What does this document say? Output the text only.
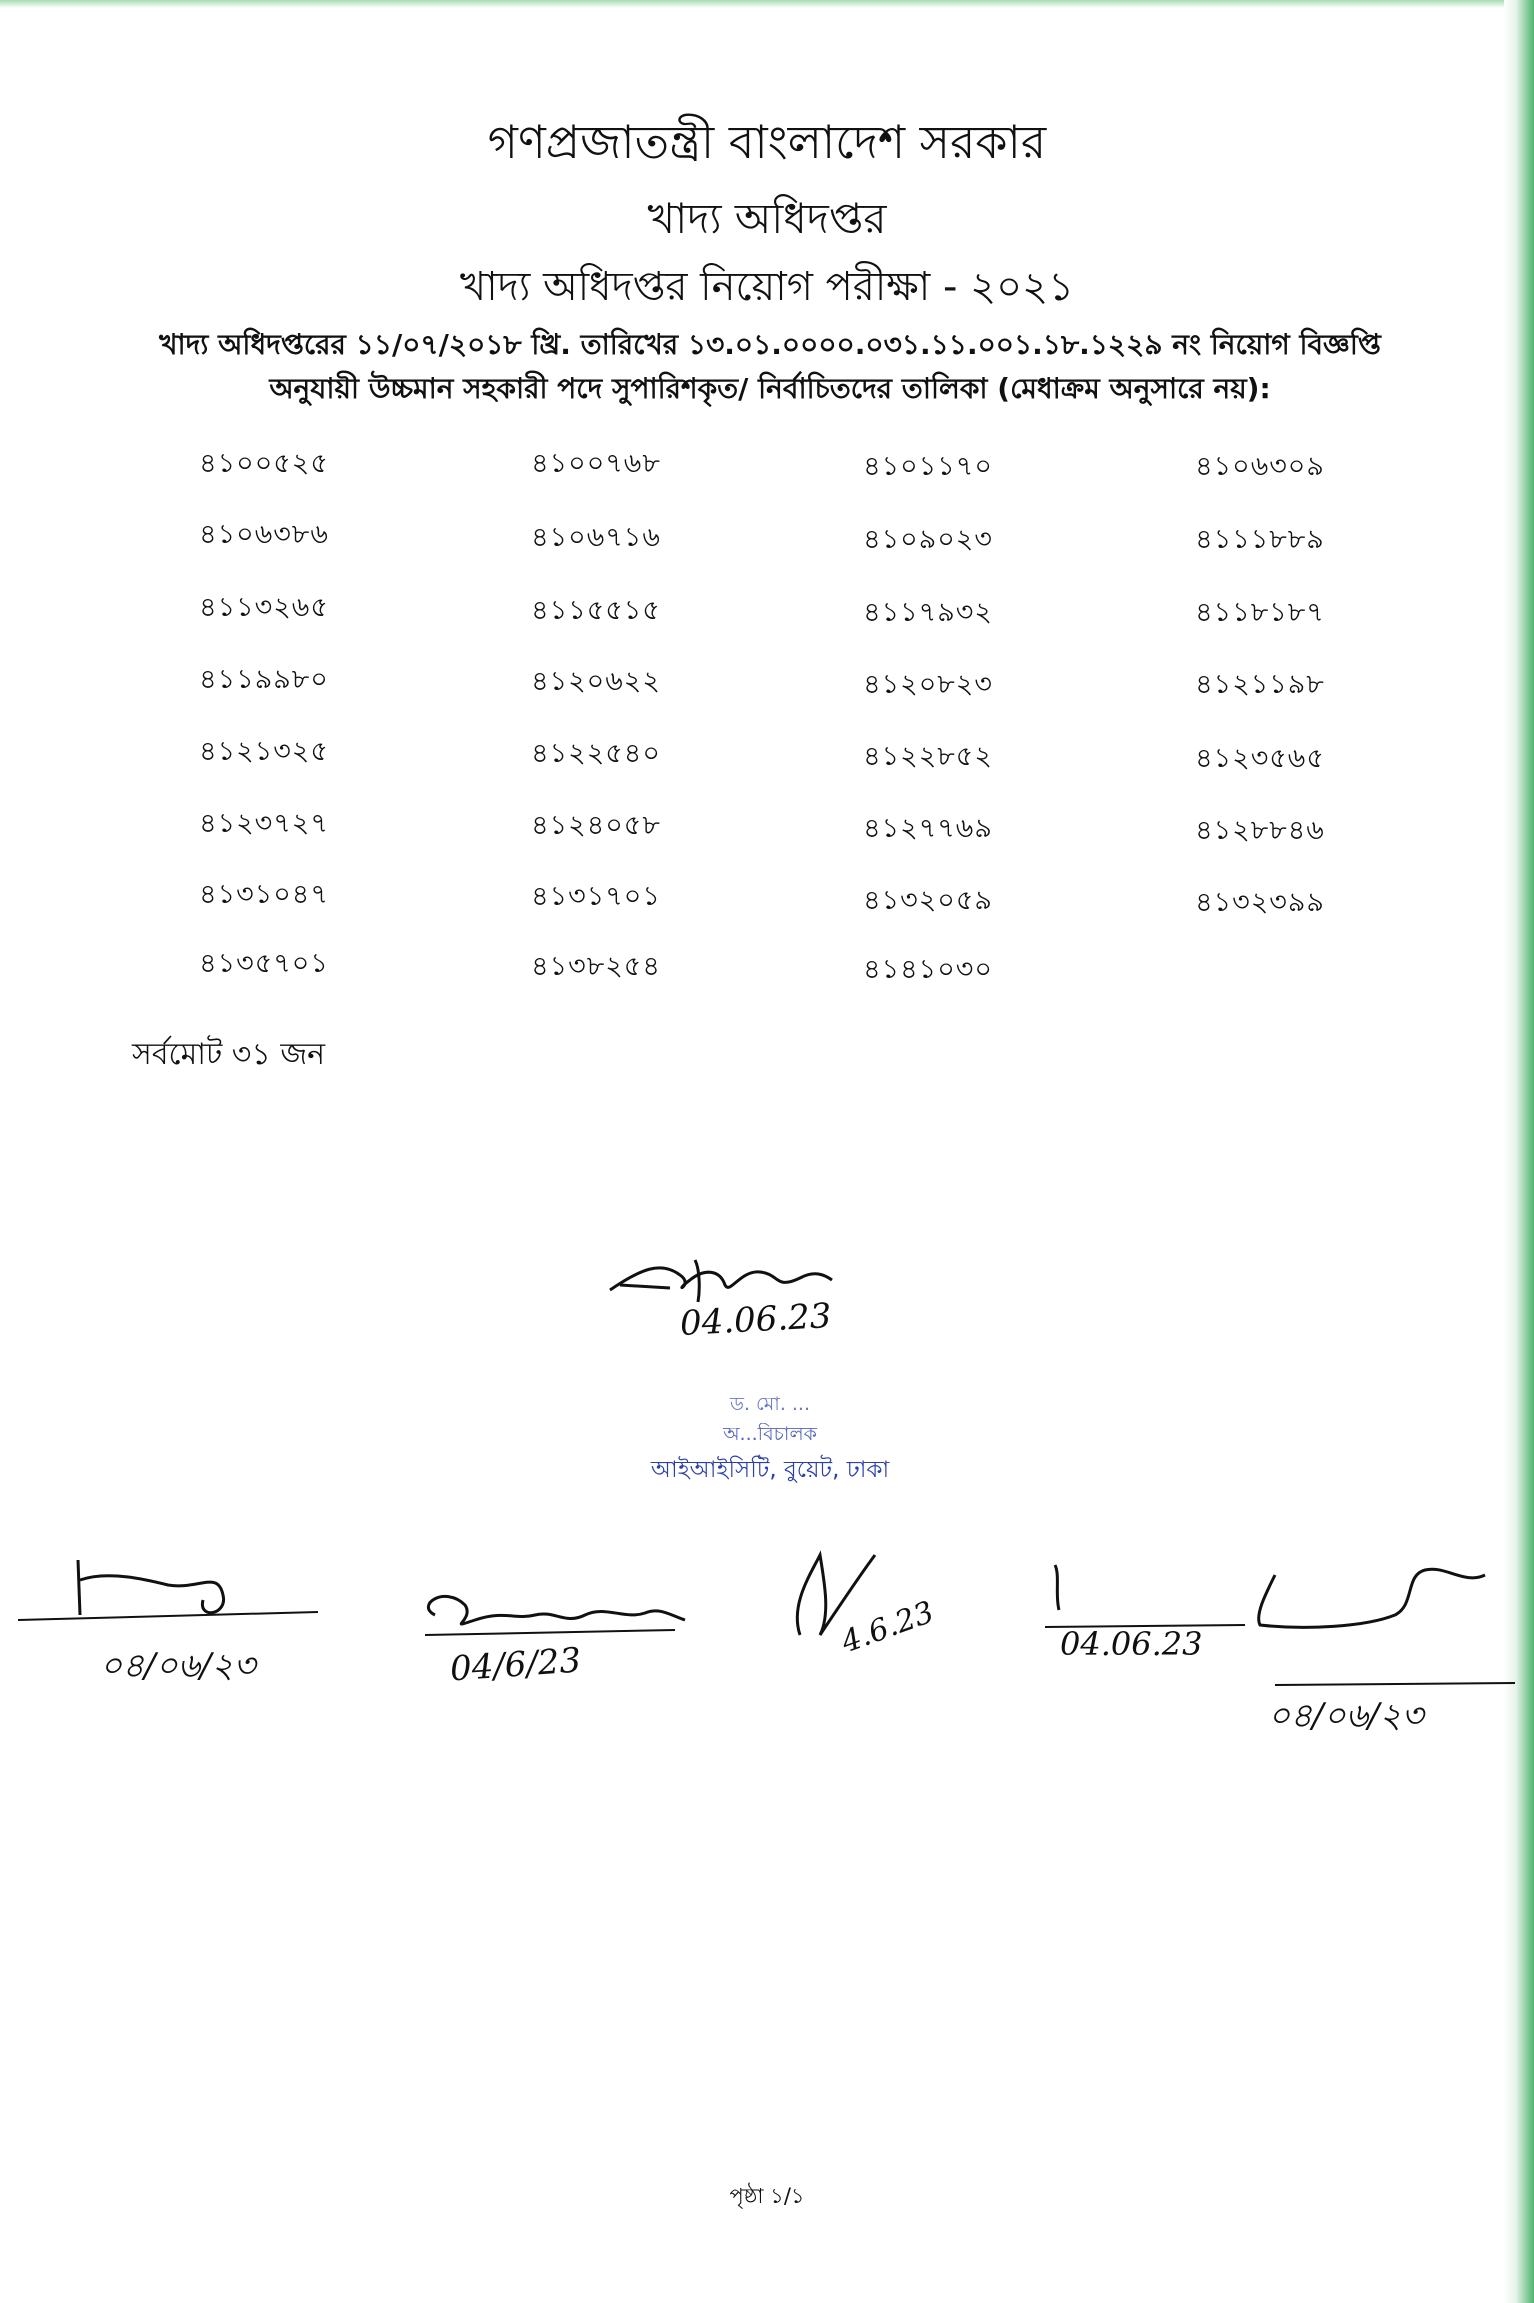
গণপ্রজাতন্ত্রী বাংলাদেশ সরকার
খাদ্য অধিদপ্তর
খাদ্য অধিদপ্তর নিয়োগ পরীক্ষা - ২০২১
খাদ্য অধিদপ্তরের ১১/০৭/২০১৮ খ্রি. তারিখের ১৩.০১.০০০০.০৩১.১১.০০১.১৮.১২২৯ নং নিয়োগ বিজ্ঞপ্তি
অনুযায়ী উচ্চমান সহকারী পদে সুপারিশকৃত/ নির্বাচিতদের তালিকা (মেধাক্রম অনুসারে নয়):
৪১০০৫২৫	৪১০০৭৬৮	৪১০১১৭০	৪১০৬৩০৯
৪১০৬৩৮৬	৪১০৬৭১৬	৪১০৯০২৩	৪১১১৮৮৯
৪১১৩২৬৫	৪১১৫৫১৫	৪১১৭৯৩২	৪১১৮১৮৭
৪১১৯৯৮০	৪১২০৬২২	৪১২০৮২৩	৪১২১১৯৮
৪১২১৩২৫	৪১২২৫৪০	৪১২২৮৫২	৪১২৩৫৬৫
৪১২৩৭২৭	৪১২৪০৫৮	৪১২৭৭৬৯	৪১২৮৮৪৬
৪১৩১০৪৭	৪১৩১৭০১	৪১৩২০৫৯	৪১৩২৩৯৯
৪১৩৫৭০১	৪১৩৮২৫৪	৪১৪১০৩০
সর্বমোট ৩১ জন
04.06.23
ড. মো. ...
অ...বিচালক
আইআইসিটি, বুয়েট, ঢাকা
০৪/০৬/২৩	04/6/23
4.6.23	04.06.23
০৪/০৬/২৩
পৃষ্ঠা ১/১
